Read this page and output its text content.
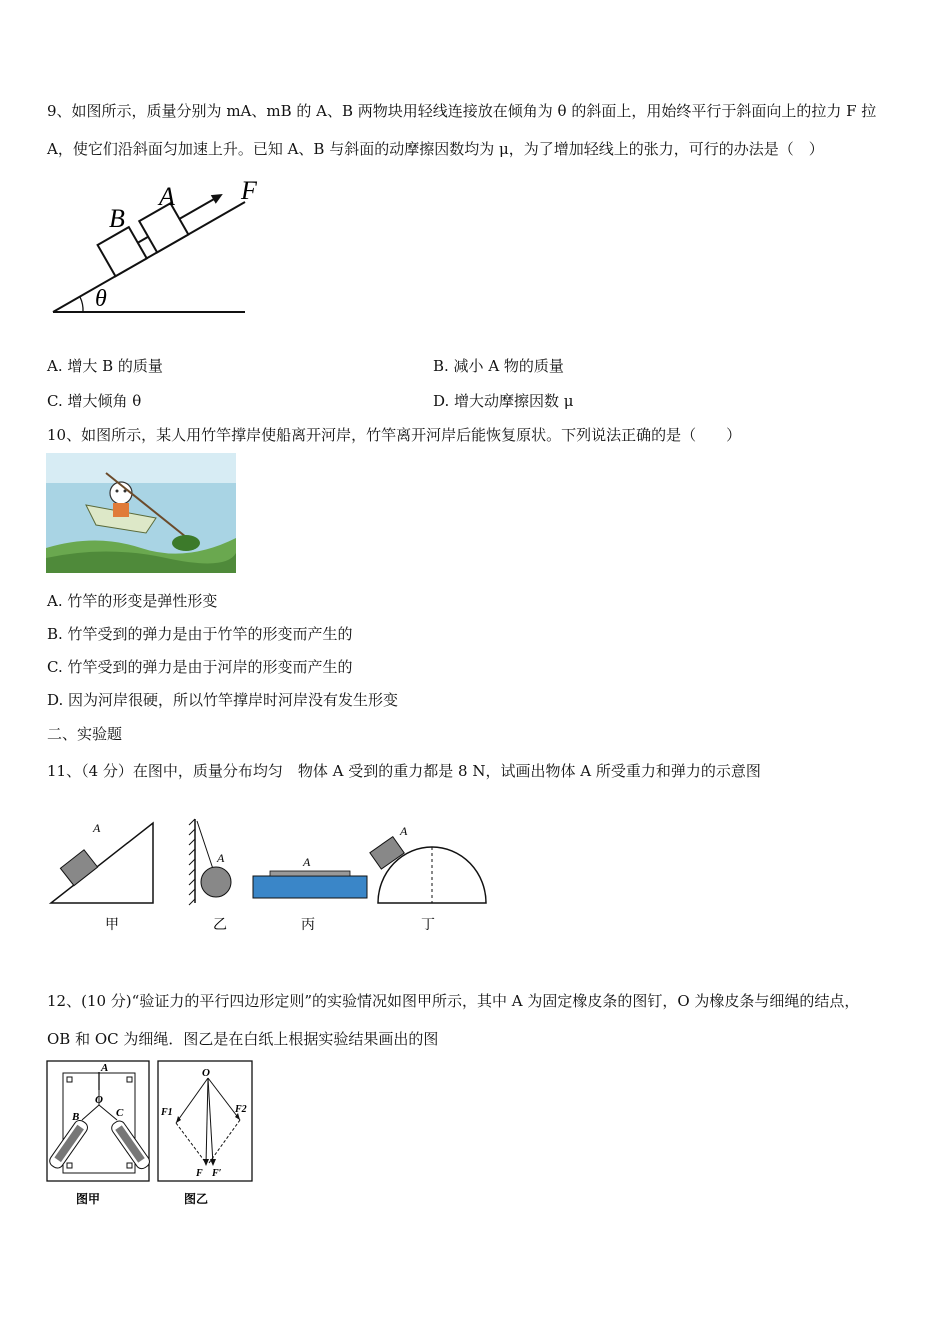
9、如图所示，质量分别为 mA、mB 的 A、B 两物块用轻线连接放在倾角为 θ 的斜面上，用始终平行于斜面向上的拉力 F 拉
A，使它们沿斜面匀加速上升。已知 A、B 与斜面的动摩擦因数均为 μ，为了增加轻线上的张力，可行的办法是（　）
B
A	F
θ
A. 增大 B 的质量	B. 减小 A 物的质量
C. 增大倾角 θ	D. 增大动摩擦因数 μ
10、如图所示，某人用竹竿撑岸使船离开河岸，竹竿离开河岸后能恢复原状。下列说法正确的是（　　）
A. 竹竿的形变是弹性形变
B. 竹竿受到的弹力是由于竹竿的形变而产生的
C. 竹竿受到的弹力是由于河岸的形变而产生的
D. 因为河岸很硬，所以竹竿撑岸时河岸没有发生形变
二、实验题
11、（4 分）在图中，质量分布均匀　物体 A 受到的重力都是 8 N，试画出物体 A 所受重力和弹力的示意图
A
甲
A
乙
A
丙
A
丁
12、(10 分)“验证力的平行四边形定则”的实验情况如图甲所示，其中 A 为固定橡皮条的图钉，O 为橡皮条与细绳的结点，
OB 和 OC 为细绳．图乙是在白纸上根据实验结果画出的图
A
O
B	C
图甲
O
F1	F2
F F′
图乙
